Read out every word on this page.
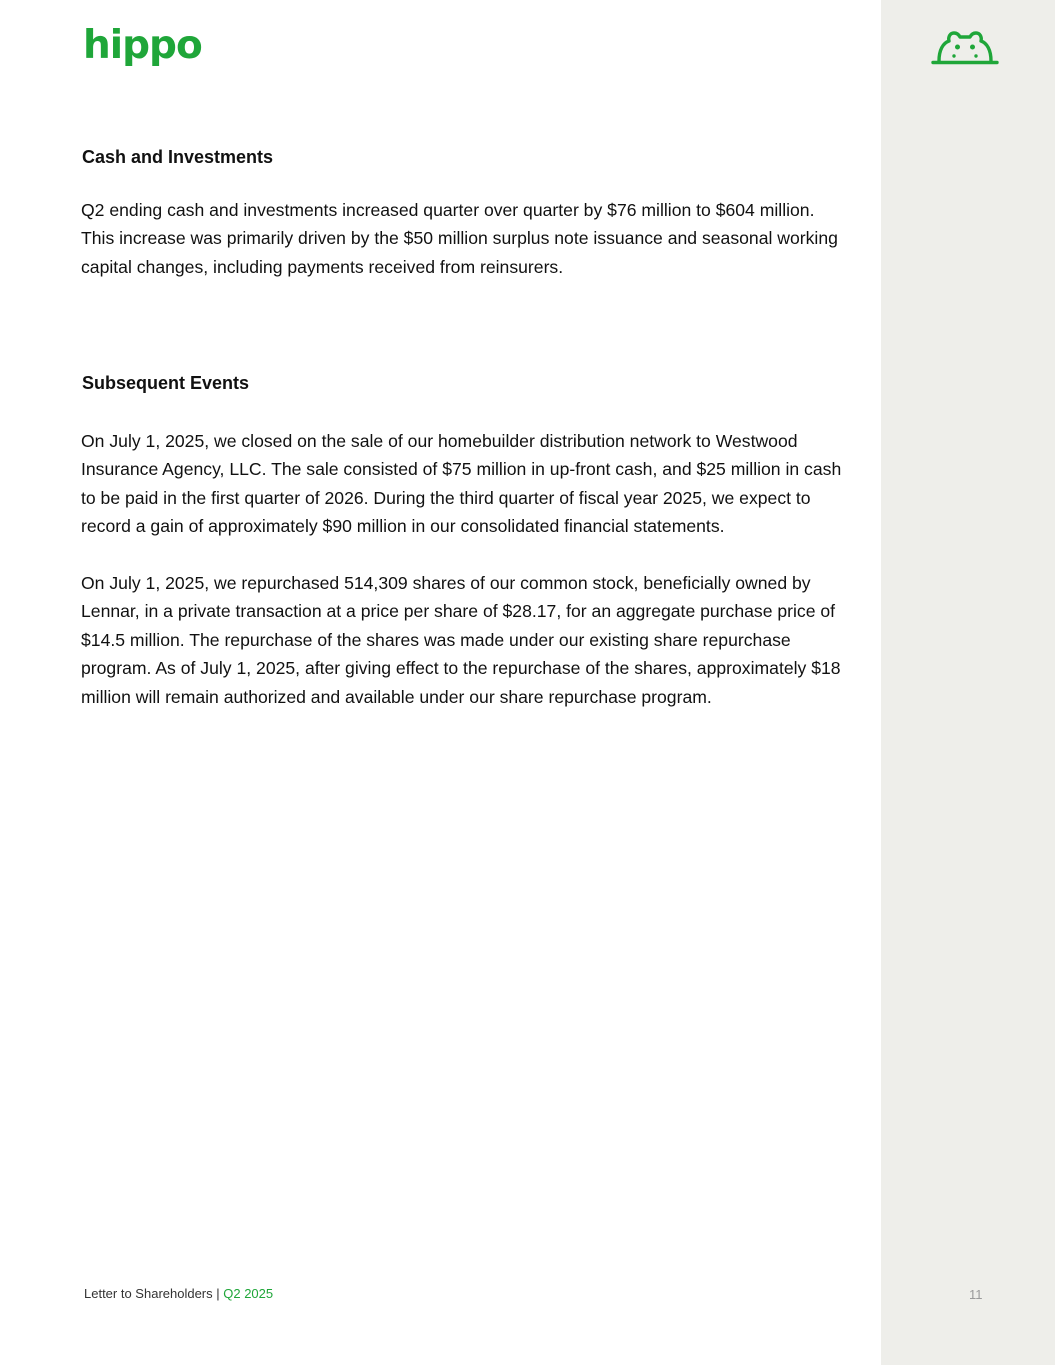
hippo
Cash and Investments

Q2 ending cash and investments increased quarter over quarter by $76 million to $604 million. This increase was primarily driven by the $50 million surplus note issuance and seasonal working capital changes, including payments received from reinsurers.

Subsequent Events

On July 1, 2025, we closed on the sale of our homebuilder distribution network to Westwood Insurance Agency, LLC. The sale consisted of $75 million in up-front cash, and $25 million in cash to be paid in the first quarter of 2026. During the third quarter of fiscal year 2025, we expect to record a gain of approximately $90 million in our consolidated financial statements.

On July 1, 2025, we repurchased 514,309 shares of our common stock, beneficially owned by Lennar, in a private transaction at a price per share of $28.17, for an aggregate purchase price of $14.5 million. The repurchase of the shares was made under our existing share repurchase program. As of July 1, 2025, after giving effect to the repurchase of the shares, approximately $18 million will remain authorized and available under our share repurchase program.

Letter to Shareholders | Q2 2025	11
